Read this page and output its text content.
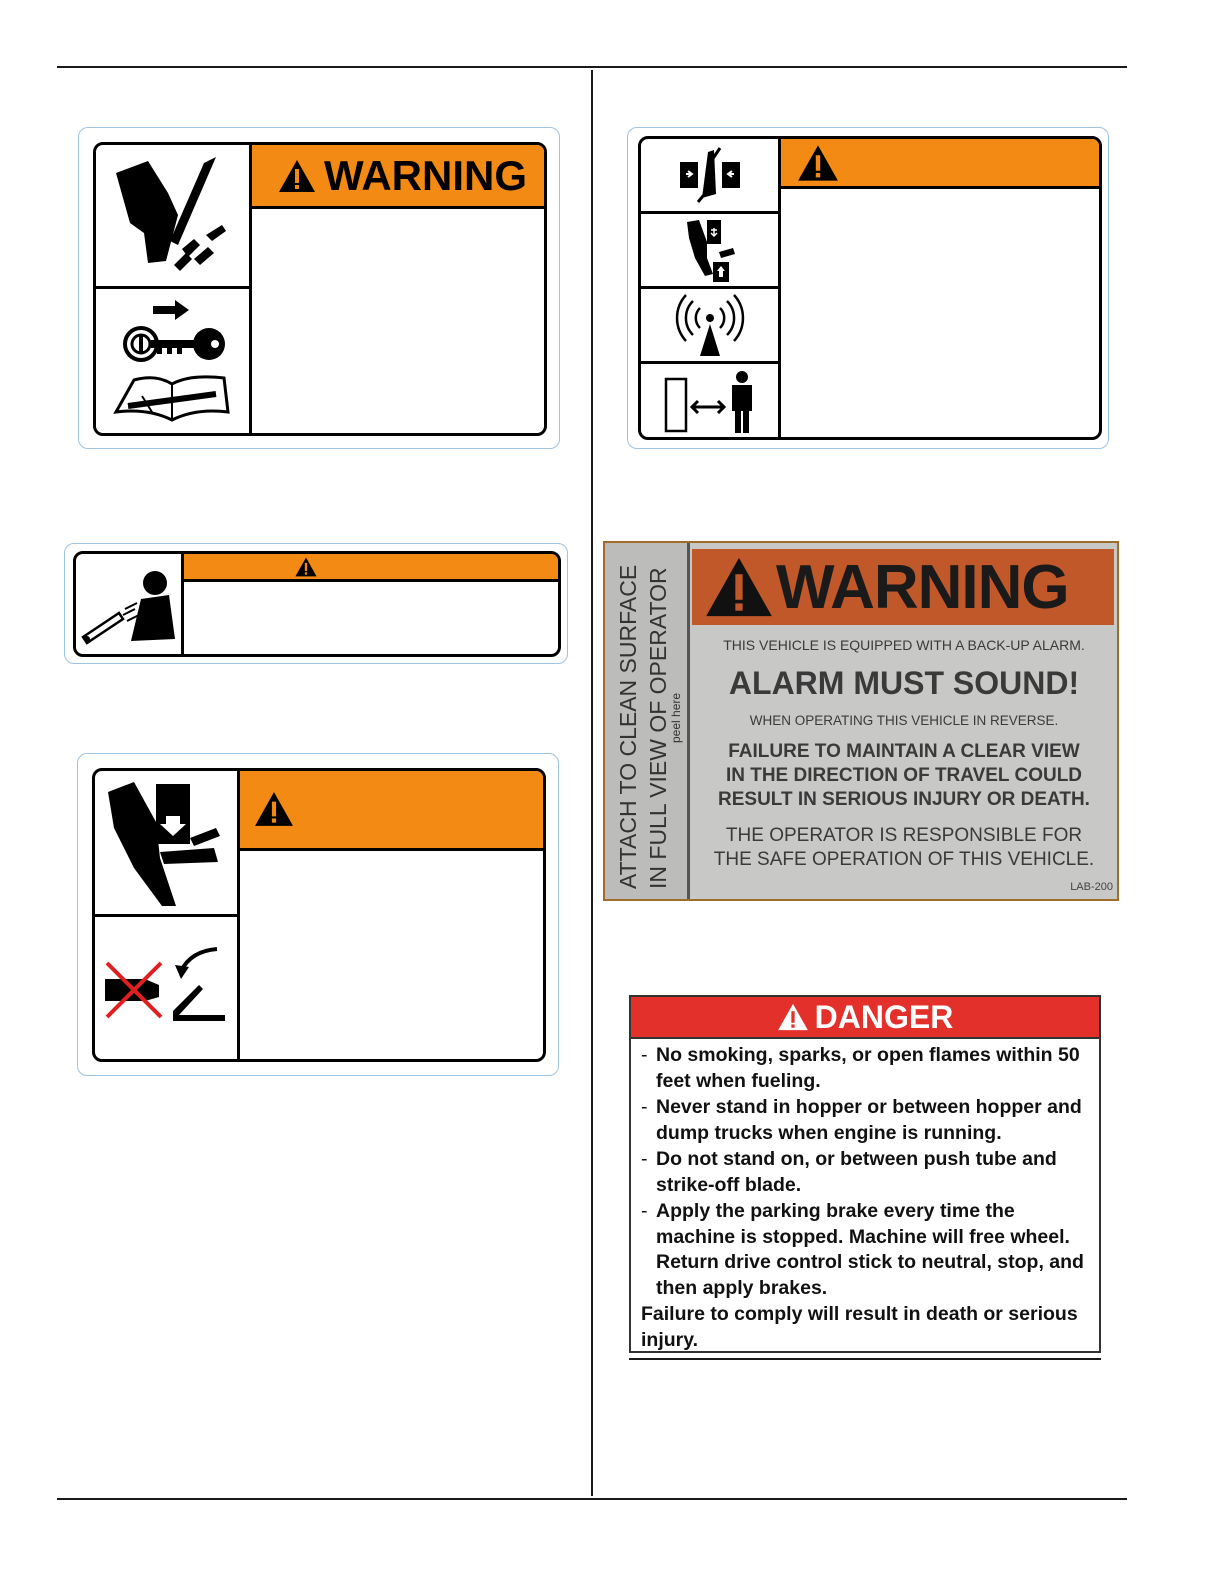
WARNING
ATTACH TO CLEAN SURFACE IN FULL VIEW OF OPERATOR
peel here
WARNING
THIS VEHICLE IS EQUIPPED WITH A BACK-UP ALARM.
ALARM MUST SOUND!
WHEN OPERATING THIS VEHICLE IN REVERSE.
FAILURE TO MAINTAIN A CLEAR VIEW
IN THE DIRECTION OF TRAVEL COULD
RESULT IN SERIOUS INJURY OR DEATH.
THE OPERATOR IS RESPONSIBLE FOR
THE SAFE OPERATION OF THIS VEHICLE.
LAB-200
DANGER
- No smoking, sparks, or open flames within 50 feet when fueling.
- Never stand in hopper or between hopper and dump trucks when engine is running.
- Do not stand on, or between push tube and strike-off blade.
- Apply the parking brake every time the machine is stopped. Machine will free wheel. Return drive control stick to neutral, stop, and then apply brakes.
Failure to comply will result in death or serious injury.
